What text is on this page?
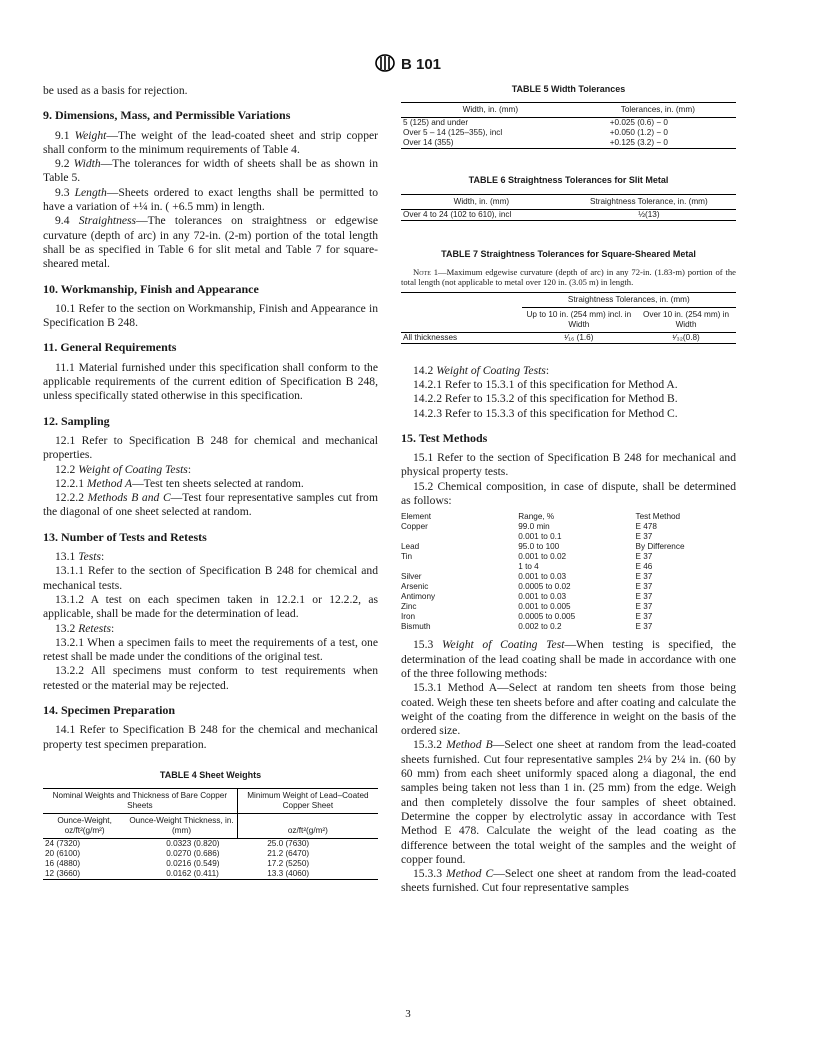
B 101

be used as a basis for rejection.

9. Dimensions, Mass, and Permissible Variations

9.1 Weight—The weight of the lead-coated sheet and strip copper shall conform to the minimum requirements of Table 4.

9.2 Width—The tolerances for width of sheets shall be as shown in Table 5.

9.3 Length—Sheets ordered to exact lengths shall be permitted to have a variation of +¼ in. ( +6.5 mm) in length.

9.4 Straightness—The tolerances on straightness or edgewise curvature (depth of arc) in any 72-in. (2-m) portion of the total length shall be as specified in Table 6 for slit metal and Table 7 for square-sheared metal.

10. Workmanship, Finish and Appearance

10.1 Refer to the section on Workmanship, Finish and Appearance in Specification B 248.

11. General Requirements

11.1 Material furnished under this specification shall conform to the applicable requirements of the current edition of Specification B 248, unless specifically stated otherwise in this specification.

12. Sampling

12.1 Refer to Specification B 248 for chemical and mechanical properties.

12.2 Weight of Coating Tests:

12.2.1 Method A—Test ten sheets selected at random.

12.2.2 Methods B and C—Test four representative samples cut from the diagonal of one sheet selected at random.

13. Number of Tests and Retests

13.1 Tests:

13.1.1 Refer to the section of Specification B 248 for chemical and mechanical tests.

13.1.2 A test on each specimen taken in 12.2.1 or 12.2.2, as applicable, shall be made for the determination of lead.

13.2 Retests:

13.2.1 When a specimen fails to meet the requirements of a test, one retest shall be made under the conditions of the original test.

13.2.2 All specimens must conform to test requirements when retested or the material may be rejected.

14. Specimen Preparation

14.1 Refer to Specification B 248 for the chemical and mechanical property test specimen preparation.

TABLE 4 Sheet Weights
Nominal Weights and Thickness of Bare Copper Sheets		Minimum Weight of Lead–Coated Copper Sheet
Ounce-Weight, oz/ft²(g/m²)	Ounce-Weight Thickness, in. (mm)	oz/ft²(g/m²)
24 (7320)	0.0323 (0.820)	25.0 (7630)
20 (6100)	0.0270 (0.686)	21.2 (6470)
16 (4880)	0.0216 (0.549)	17.2 (5250)
12 (3660)	0.0162 (0.411)	13.3 (4060)
TABLE 5 Width Tolerances
Width, in. (mm)	Tolerances, in. (mm)
5 (125) and under	+0.025 (0.6) − 0
Over 5 – 14 (125–355), incl	+0.050 (1.2) − 0
Over 14 (355)	+0.125 (3.2) − 0
TABLE 6 Straightness Tolerances for Slit Metal
Width, in. (mm)	Straightness Tolerance, in. (mm)
Over 4 to 24 (102 to 610), incl	½(13)
TABLE 7 Straightness Tolerances for Square-Sheared Metal

Note 1—Maximum edgewise curvature (depth of arc) in any 72-in. (1.83-m) portion of the total length (not applicable to metal over 120 in. (3.05 m) in length.

	Straightness Tolerances, in. (mm)	
	Up to 10 in. (254 mm) incl. in Width	Over 10 in. (254 mm) in Width
All thicknesses	¹⁄₁₆ (1.6)	¹⁄₃₂(0.8)

14.2 Weight of Coating Tests:

14.2.1 Refer to 15.3.1 of this specification for Method A.

14.2.2 Refer to 15.3.2 of this specification for Method B.

14.2.3 Refer to 15.3.3 of this specification for Method C.

15. Test Methods

15.1 Refer to the section of Specification B 248 for mechanical and physical property tests.

15.2 Chemical composition, in case of dispute, shall be determined as follows:

Element	Range, %	Test Method
Copper	99.0 min	E 478
	0.001 to 0.1	E 37
Lead	95.0 to 100	By Difference
Tin	0.001 to 0.02	E 37
	1 to 4	E 46
Silver	0.001 to 0.03	E 37
Arsenic	0.0005 to 0.02	E 37
Antimony	0.001 to 0.03	E 37
Zinc	0.001 to 0.005	E 37
Iron	0.0005 to 0.005	E 37
Bismuth	0.002 to 0.2	E 37

15.3 Weight of Coating Test—When testing is specified, the determination of the lead coating shall be made in accordance with one of the three following methods:

15.3.1 Method A—Select at random ten sheets from those being coated. Weigh these ten sheets before and after coating and calculate the weight of the coating from the difference in weight on the basis of the ordered size.

15.3.2 Method B—Select one sheet at random from the lead-coated sheets furnished. Cut four representative samples 2¼ by 2¼ in. (60 by 60 mm) from each sheet uniformly spaced along a diagonal, the end samples being taken not less than 1 in. (25 mm) from the edge. Weigh and then completely dissolve the four samples of sheet obtained. Determine the copper by electrolytic assay in accordance with Test Method E 478. Calculate the weight of the lead coating as the difference between the total weight of the samples and the weight of copper found.

15.3.3 Method C—Select one sheet at random from the lead-coated sheets furnished. Cut four representative samples

3
